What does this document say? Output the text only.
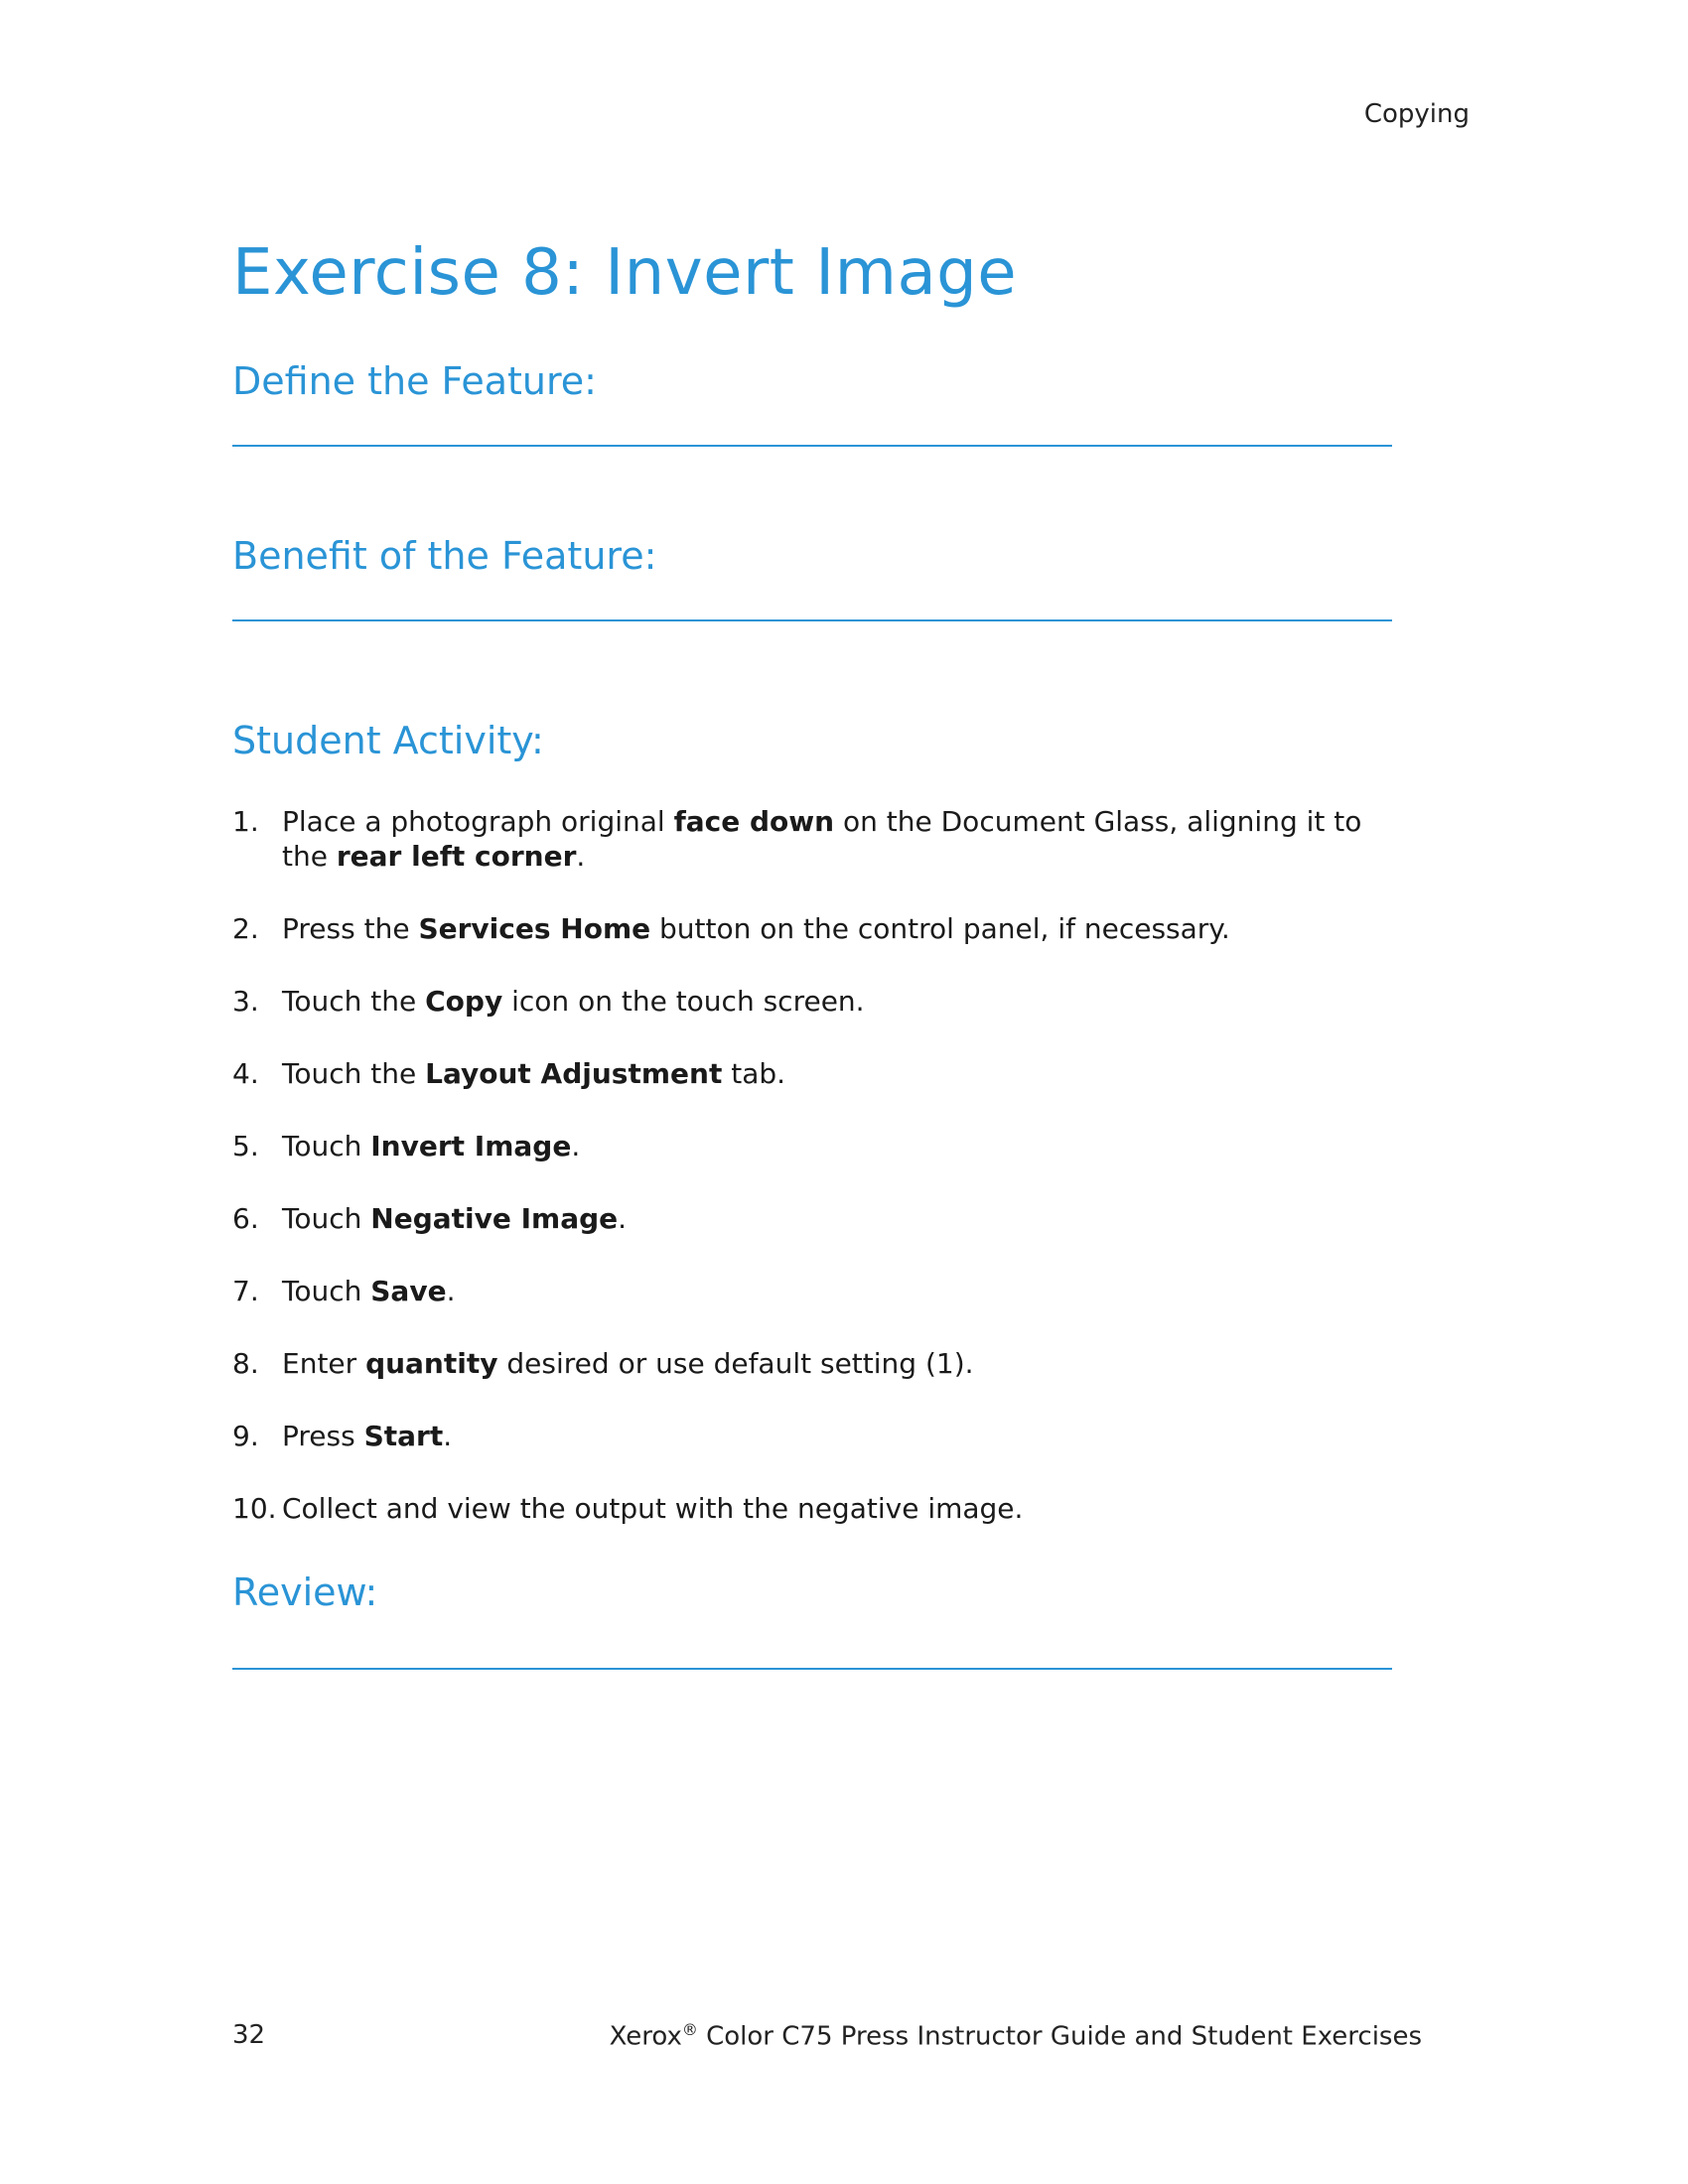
Copying
Exercise 8: Invert Image
Define the Feature:
Benefit of the Feature:
Student Activity:
1. Place a photograph original face down on the Document Glass, aligning it to the rear left corner.
2. Press the Services Home button on the control panel, if necessary.
3. Touch the Copy icon on the touch screen.
4. Touch the Layout Adjustment tab.
5. Touch Invert Image.
6. Touch Negative Image.
7. Touch Save.
8. Enter quantity desired or use default setting (1).
9. Press Start.
10. Collect and view the output with the negative image.
Review:
32	Xerox® Color C75 Press Instructor Guide and Student Exercises
